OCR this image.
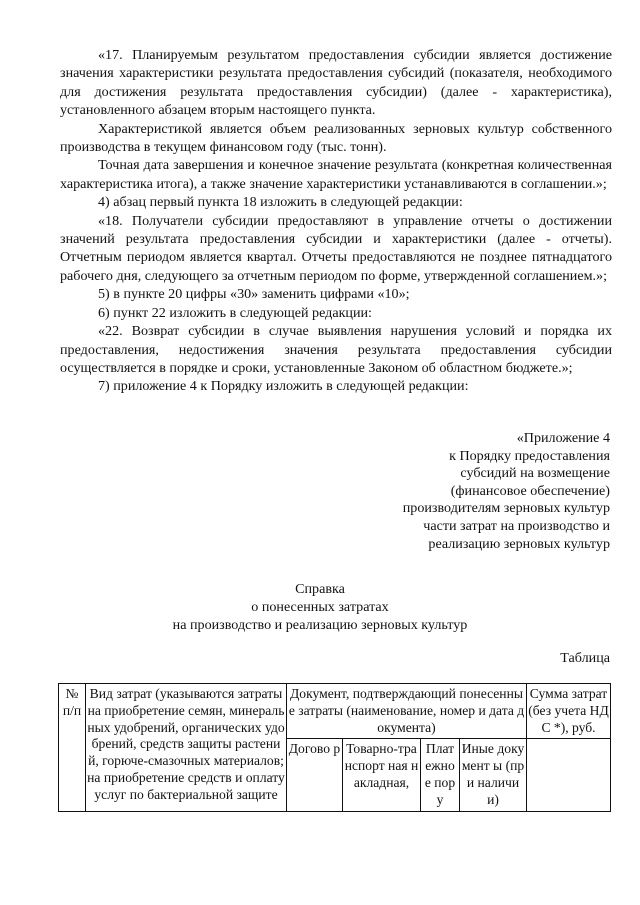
«17. Планируемым результатом предоставления субсидии является достижение значения характеристики результата предоставления субсидий (показателя, необходимого для достижения результата предоставления субсидии) (далее - характеристика), установленного абзацем вторым настоящего пункта.

Характеристикой является объем реализованных зерновых культур собственного производства в текущем финансовом году (тыс. тонн).

Точная дата завершения и конечное значение результата (конкретная количественная характеристика итога), а также значение характеристики устанавливаются в соглашении.»;

4) абзац первый пункта 18 изложить в следующей редакции:

«18. Получатели субсидии предоставляют в управление отчеты о достижении значений результата предоставления субсидии и характеристики (далее - отчеты). Отчетным периодом является квартал. Отчеты предоставляются не позднее пятнадцатого рабочего дня, следующего за отчетным периодом по форме, утвержденной соглашением.»;

5) в пункте 20 цифры «30» заменить цифрами «10»;

6) пункт 22 изложить в следующей редакции:

«22. Возврат субсидии в случае выявления нарушения условий и порядка их предоставления, недостижения значения результата предоставления субсидии осуществляется в порядке и сроки, установленные Законом об областном бюджете.»;

7) приложение 4 к Порядку изложить в следующей редакции:

«Приложение 4
к Порядку предоставления
субсидий на возмещение
(финансовое обеспечение)
производителям зерновых культур
части затрат на производство и
реализацию зерновых культур
Справка
о понесенных затратах
на производство и реализацию зерновых культур
Таблица
№ п/п	Вид затрат (указываются затраты на приобретение семян, минеральных удобрений, органических удобрений, средств защиты растений, горюче-смазочных материалов; на приобретение средств и оплату услуг по бактериальной защите	Документ, подтверждающий понесенные затраты (наименование, номер и дата документа)				Сумма затрат (без учета НДС *), руб.
		Догово р	Товарно-транспорт ная накладная,	Плат ежно е пору	Иные документ ы (при наличии)	
